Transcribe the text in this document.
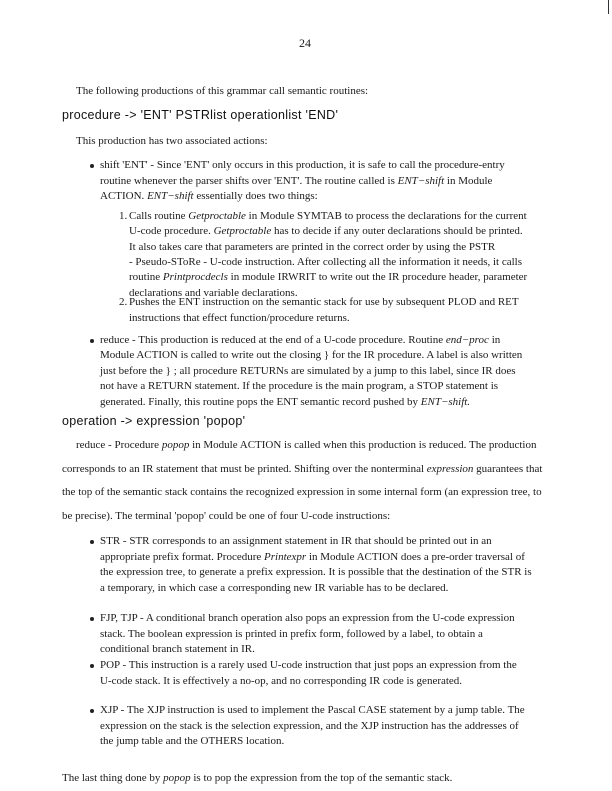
24
The following productions of this grammar call semantic routines:
procedure -> 'ENT' PSTRlist operationlist 'END'
This production has two associated actions:
shift 'ENT' - Since 'ENT' only occurs in this production, it is safe to call the procedure-entry
routine whenever the parser shifts over 'ENT'. The routine called is ENT−shift in Module
ACTION. ENT−shift essentially does two things:
1. Calls routine Getproctable in Module SYMTAB to process the declarations for the current
U-code procedure. Getproctable has to decide if any outer declarations should be printed.
It also takes care that parameters are printed in the correct order by using the PSTR
- Pseudo-SToRe - U-code instruction. After collecting all the information it needs, it calls
routine Printprocdecls in module IRWRIT to write out the IR procedure header, parameter
declarations and variable declarations.
2. Pushes the ENT instruction on the semantic stack for use by subsequent PLOD and RET
instructions that effect function/procedure returns.
reduce - This production is reduced at the end of a U-code procedure. Routine end−proc in
Module ACTION is called to write out the closing } for the IR procedure. A label is also written
just before the } ; all procedure RETURNs are simulated by a jump to this label, since IR does
not have a RETURN statement. If the procedure is the main program, a STOP statement is
generated. Finally, this routine pops the ENT semantic record pushed by ENT−shift.
operation -> expression 'popop'
reduce - Procedure popop in Module ACTION is called when this production is reduced. The production
corresponds to an IR statement that must be printed. Shifting over the nonterminal expression guarantees that
the top of the semantic stack contains the recognized expression in some internal form (an expression tree, to
be precise). The terminal 'popop' could be one of four U-code instructions:
STR - STR corresponds to an assignment statement in IR that should be printed out in an
appropriate prefix format. Procedure Printexpr in Module ACTION does a pre-order traversal of
the expression tree, to generate a prefix expression. It is possible that the destination of the STR is
a temporary, in which case a corresponding new IR variable has to be declared.
FJP, TJP - A conditional branch operation also pops an expression from the U-code expression
stack. The boolean expression is printed in prefix form, followed by a label, to obtain a
conditional branch statement in IR.
POP - This instruction is a rarely used U-code instruction that just pops an expression from the
U-code stack. It is effectively a no-op, and no corresponding IR code is generated.
XJP - The XJP instruction is used to implement the Pascal CASE statement by a jump table. The
expression on the stack is the selection expression, and the XJP instruction has the addresses of
the jump table and the OTHERS location.
The last thing done by popop is to pop the expression from the top of the semantic stack.
